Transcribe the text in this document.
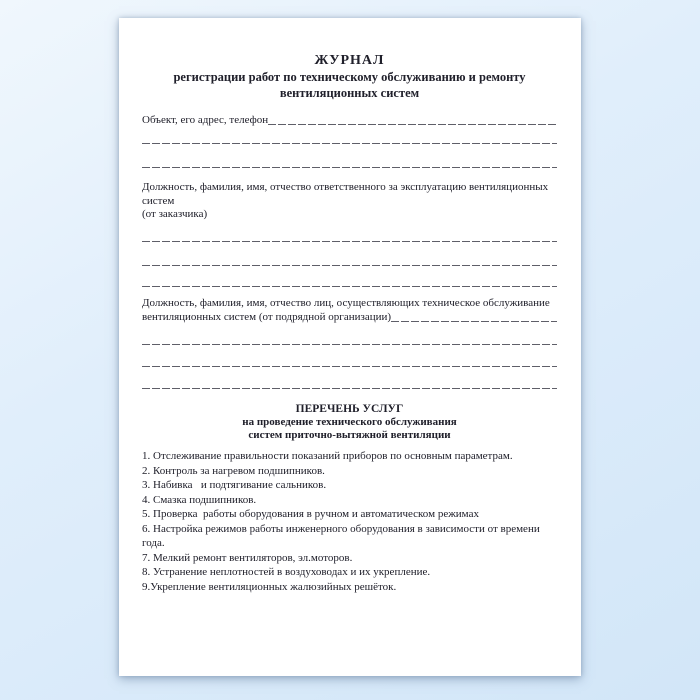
ЖУРНАЛ
регистрации работ по техническому обслуживанию и ремонту
вентиляционных систем
Объект, его адрес, телефон
Должность, фамилия, имя, отчество ответственного за эксплуатацию вентиляционных систем
(от заказчика)
Должность, фамилия, имя, отчество лиц, осуществляющих техническое обслуживание
вентиляционных систем (от подрядной организации)
ПЕРЕЧЕНЬ УСЛУГ
на проведение технического обслуживания
систем приточно-вытяжной вентиляции
1. Отслеживание правильности показаний приборов по основным параметрам.
2. Контроль за нагревом подшипников.
3. Набивка   и подтягивание сальников.
4. Смазка подшипников.
5. Проверка  работы оборудования в ручном и автоматическом режимах
6. Настройка режимов работы инженерного оборудования в зависимости от времени года.
7. Мелкий ремонт вентиляторов, эл.моторов.
8. Устранение неплотностей в воздуховодах и их укрепление.
9.Укрепление вентиляционных жалюзийных решёток.
